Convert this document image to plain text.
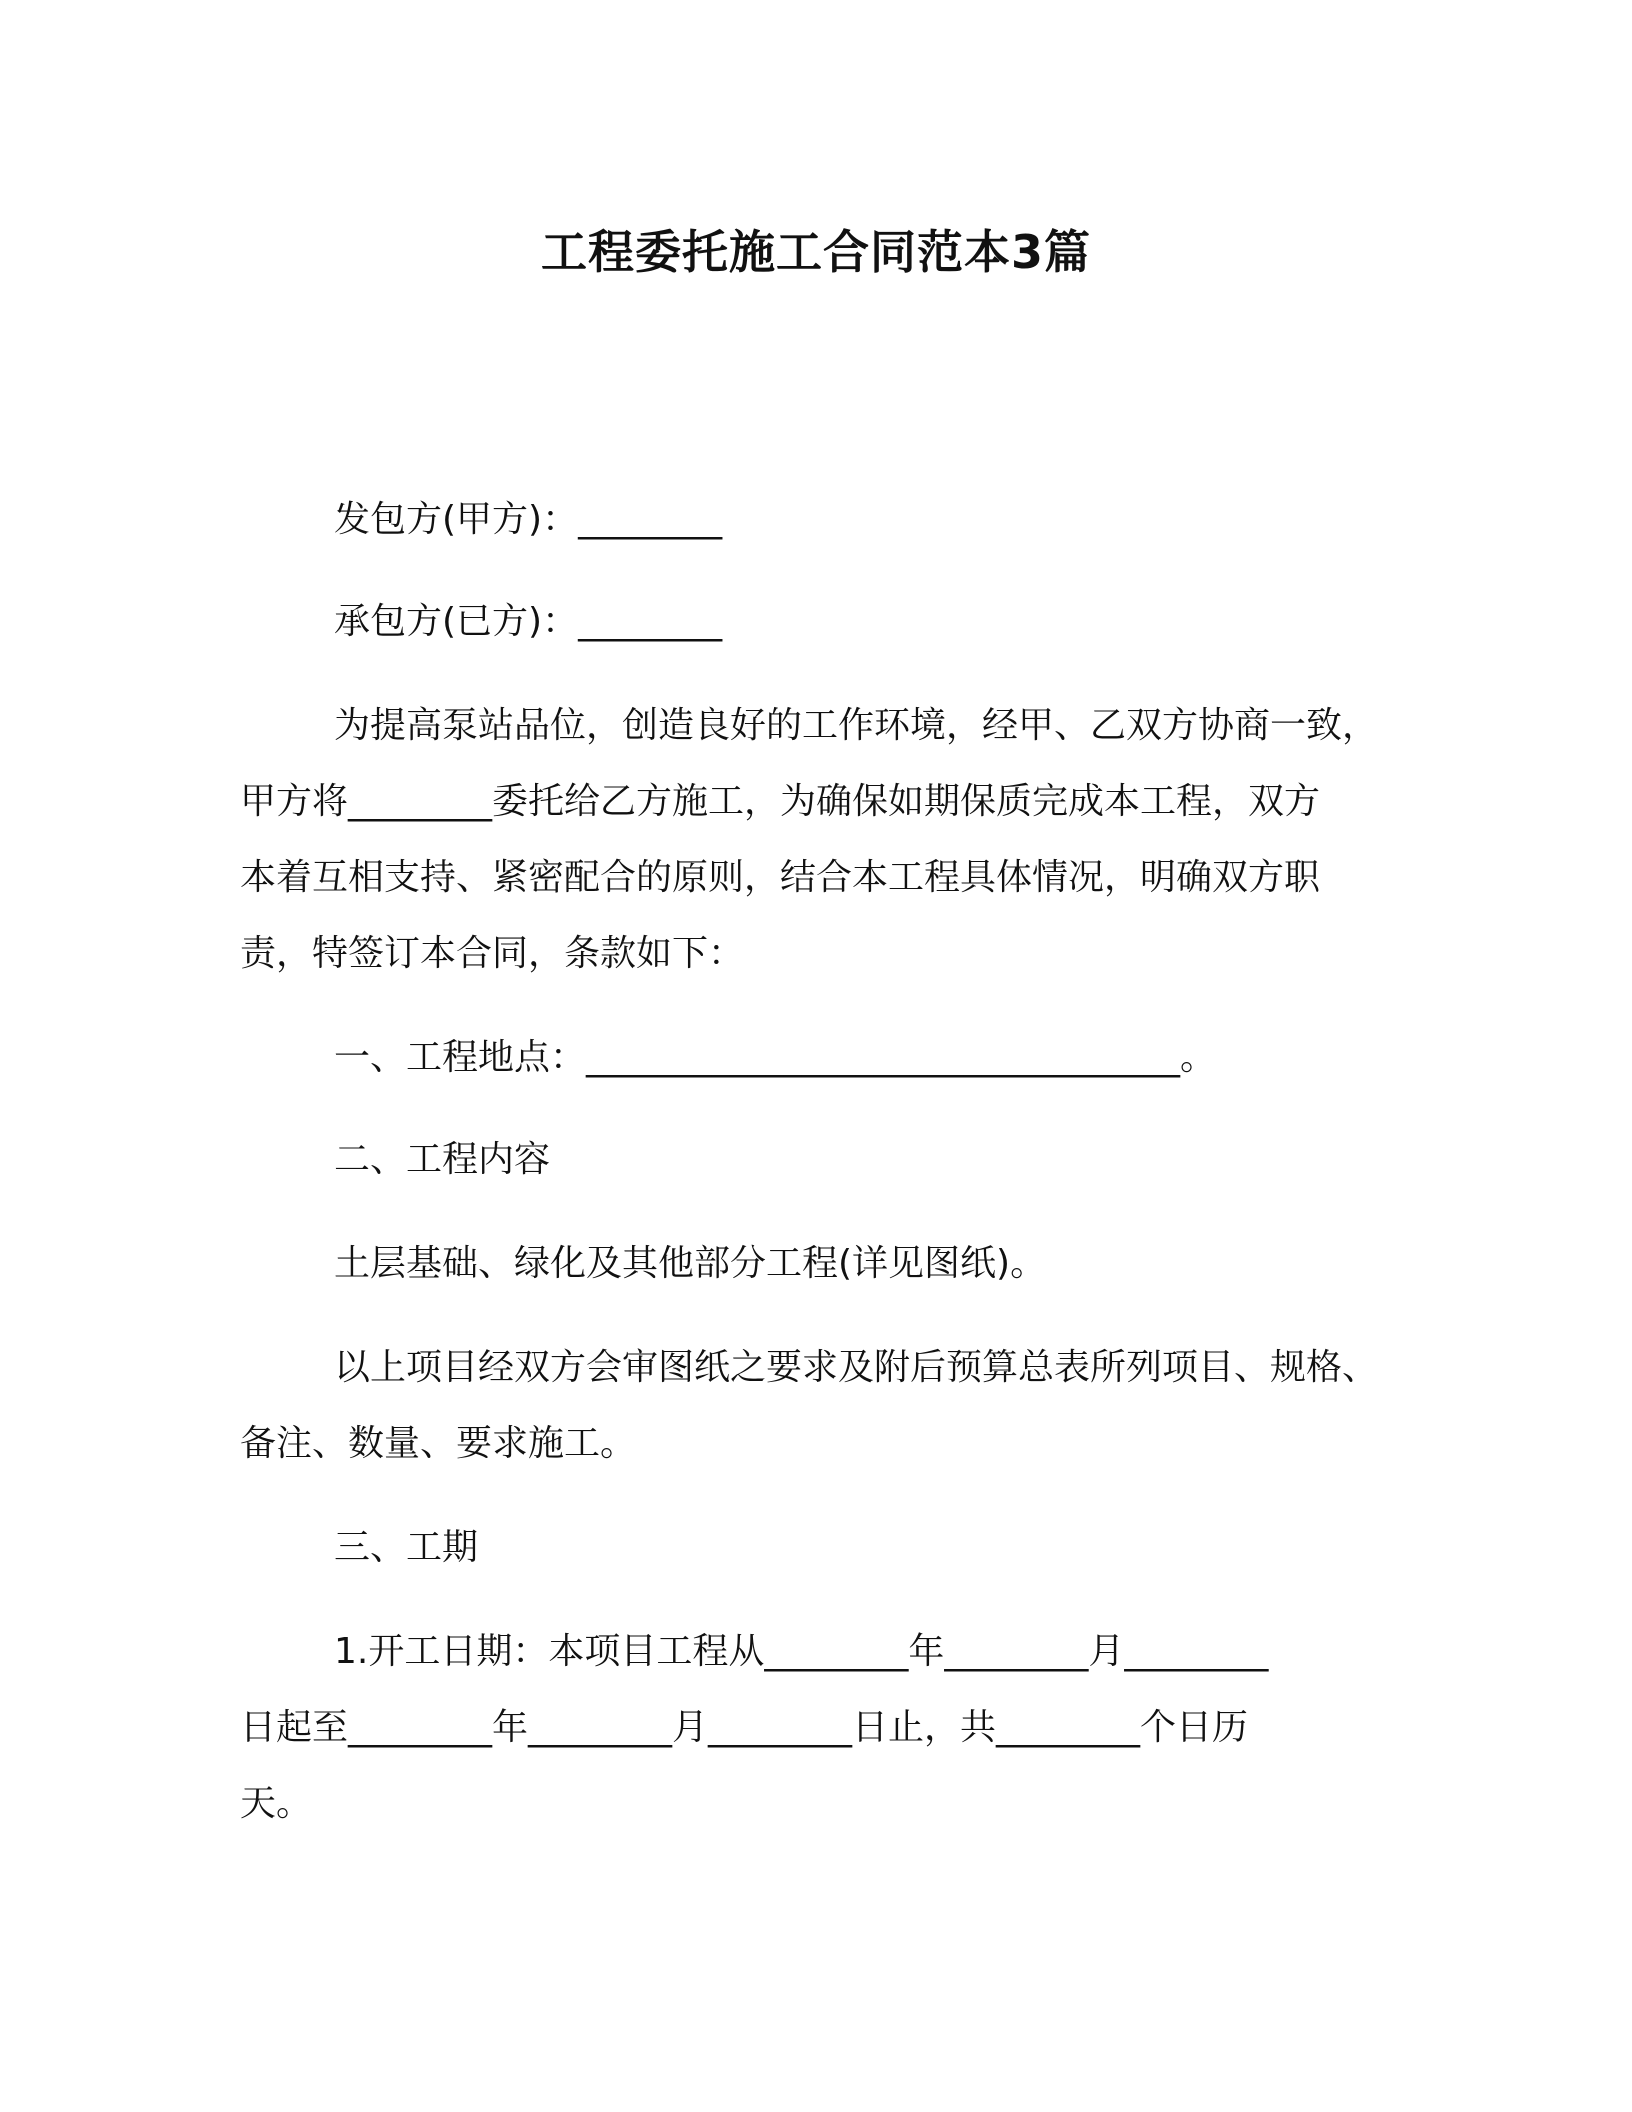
工程委托施工合同范本3篇
发包方(甲方)：________
承包方(已方)：________
为提高泵站品位，创造良好的工作环境，经甲、乙双方协商一致，
甲方将________委托给乙方施工，为确保如期保质完成本工程，双方
本着互相支持、紧密配合的原则，结合本工程具体情况，明确双方职
责，特签订本合同，条款如下：
一、工程地点：_________________________________。
二、工程内容
土层基础、绿化及其他部分工程(详见图纸)。
以上项目经双方会审图纸之要求及附后预算总表所列项目、规格、
备注、数量、要求施工。
三、工期
1.开工日期：本项目工程从________年________月________
日起至________年________月________日止，共________个日历
天。
